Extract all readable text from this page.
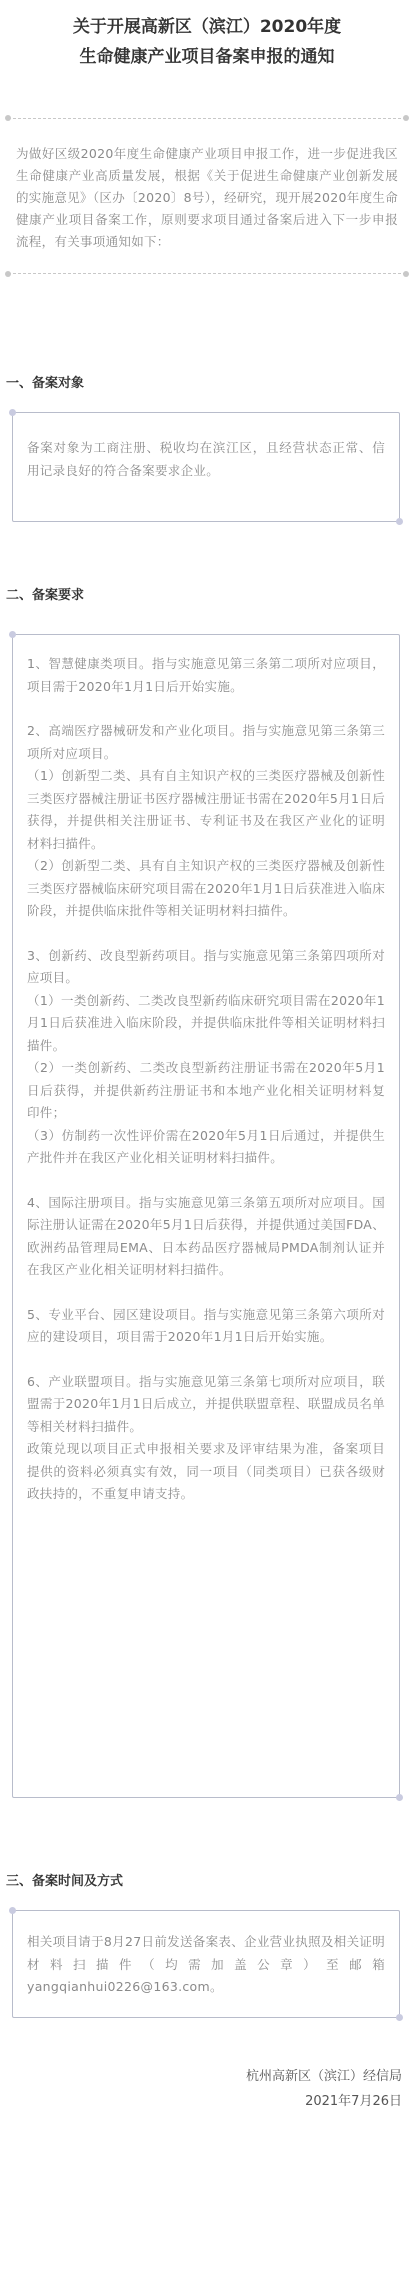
关于开展高新区（滨江）2020年度
生命健康产业项目备案申报的通知

为做好区级2020年度生命健康产业项目申报工作，进一步促进我区生命健康产业高质量发展，根据《关于促进生命健康产业创新发展的实施意见》（区办〔2020〕8号），经研究，现开展2020年度生命健康产业项目备案工作，原则要求项目通过备案后进入下一步申报流程，有关事项通知如下：

一、备案对象

备案对象为工商注册、税收均在滨江区，且经营状态正常、信用记录良好的符合备案要求企业。

二、备案要求

1、智慧健康类项目。指与实施意见第三条第二项所对应项目，项目需于2020年1月1日后开始实施。

2、高端医疗器械研发和产业化项目。指与实施意见第三条第三项所对应项目。

（1）创新型二类、具有自主知识产权的三类医疗器械及创新性三类医疗器械注册证书医疗器械注册证书需在2020年5月1日后获得，并提供相关注册证书、专利证书及在我区产业化的证明材料扫描件。

（2）创新型二类、具有自主知识产权的三类医疗器械及创新性三类医疗器械临床研究项目需在2020年1月1日后获准进入临床阶段，并提供临床批件等相关证明材料扫描件。

3、创新药、改良型新药项目。指与实施意见第三条第四项所对应项目。

（1）一类创新药、二类改良型新药临床研究项目需在2020年1月1日后获准进入临床阶段，并提供临床批件等相关证明材料扫描件。

（2）一类创新药、二类改良型新药注册证书需在2020年5月1日后获得，并提供新药注册证书和本地产业化相关证明材料复印件；

（3）仿制药一次性评价需在2020年5月1日后通过，并提供生产批件并在我区产业化相关证明材料扫描件。

4、国际注册项目。指与实施意见第三条第五项所对应项目。国际注册认证需在2020年5月1日后获得，并提供通过美国FDA、欧洲药品管理局EMA、日本药品医疗器械局PMDA制剂认证并在我区产业化相关证明材料扫描件。

5、专业平台、园区建设项目。指与实施意见第三条第六项所对应的建设项目，项目需于2020年1月1日后开始实施。

6、产业联盟项目。指与实施意见第三条第七项所对应项目，联盟需于2020年1月1日后成立，并提供联盟章程、联盟成员名单等相关材料扫描件。

政策兑现以项目正式申报相关要求及评审结果为准，备案项目提供的资料必须真实有效，同一项目（同类项目）已获各级财政扶持的，不重复申请支持。

三、备案时间及方式

相关项目请于8月27日前发送备案表、企业营业执照及相关证明材料扫描件（均需加盖公章）至邮箱yangqianhui0226@163.com。

杭州高新区（滨江）经信局
2021年7月26日
